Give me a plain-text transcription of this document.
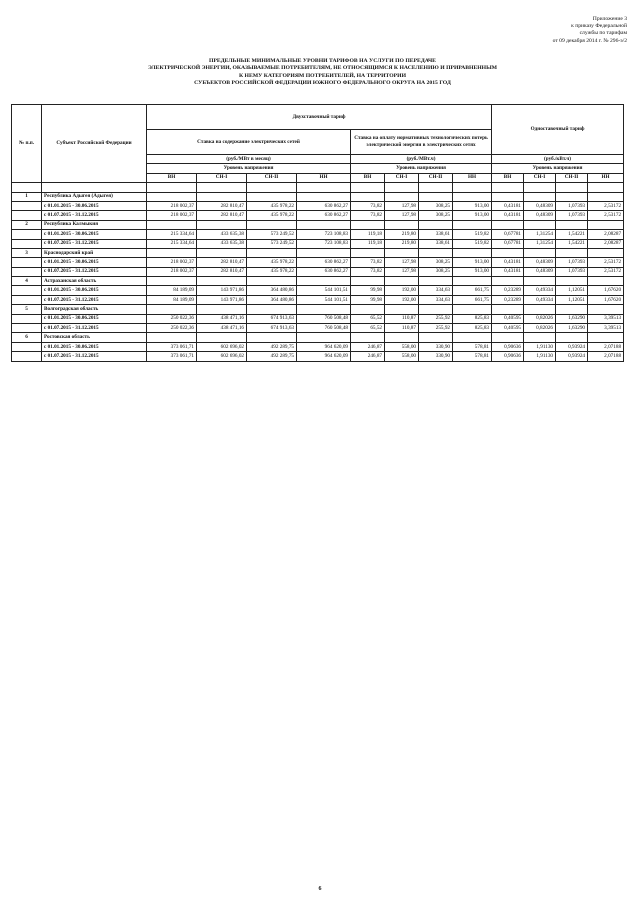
Приложение 3
к приказу Федеральной
службы по тарифам
от 09 декабря 2014 г. № 296-э/2
ПРЕДЕЛЬНЫЕ МИНИМАЛЬНЫЕ УРОВНИ ТАРИФОВ НА УСЛУГИ ПО ПЕРЕДАЧЕ
ЭЛЕКТРИЧЕСКОЙ ЭНЕРГИИ, ОКАЗЫВАЕМЫЕ ПОТРЕБИТЕЛЯМ, НЕ ОТНОСЯЩИМСЯ К НАСЕЛЕНИЮ И ПРИРАВНЕННЫМ
К НЕМУ КАТЕГОРИЯМ ПОТРЕБИТЕЛЕЙ, НА ТЕРРИТОРИИ
СУБЪЕКТОВ РОССИЙСКОЙ ФЕДЕРАЦИИ ЮЖНОГО ФЕДЕРАЛЬНОГО ОКРУГА НА 2015 ГОД
№ п.п.	Субъект Российской Федерации	Двухставочный тариф								Одноставочный тариф			
		Ставка на содержание электрических сетей				Ставка на оплату нормативных технологических потерь электрической энергии в электрических сетях							
		(руб./МВт в месяц)				(руб./МВт.ч)				(руб./кВт.ч)			
		Уровень напряжения				Уровень напряжения				Уровень напряжения			
		ВН	СН-I	СН-II	НН	ВН	СН-I	СН-II	НН	ВН	СН-I	СН-II	НН

1	Республика Адыгея (Адыгея)												
	с 01.01.2015 - 30.06.2015	218 002,37	282 810,47	435 978,22	630 862,27	73,82	127,98	308,25	913,00	0,43181	0,48309	1,07393	2,53172
	с 01.07.2015 - 31.12.2015	218 002,37	282 810,47	435 978,22	630 862,27	73,82	127,98	308,25	913,00	0,43181	0,48309	1,07393	2,53172
2	Республика Калмыкия												
	с 01.01.2015 - 30.06.2015	215 334,64	433 635,38	573 249,52	723 108,83	119,18	219,80	338,61	519,82	0,67781	1,31254	1,54221	2,08287
	с 01.07.2015 - 31.12.2015	215 334,64	433 635,38	573 249,52	723 108,83	119,18	219,80	338,61	519,82	0,67781	1,31254	1,54221	2,08287
3	Краснодарский край												
	с 01.01.2015 - 30.06.2015	218 002,37	282 810,47	435 978,22	630 862,27	73,82	127,98	308,25	913,00	0,43181	0,48309	1,07393	2,53172
	с 01.07.2015 - 31.12.2015	218 002,37	282 810,47	435 978,22	630 862,27	73,82	127,98	308,25	913,00	0,43181	0,48309	1,07393	2,53172
4	Астраханская область												
	с 01.01.2015 - 30.06.2015	84 189,09	143 971,86	364 480,86	544 101,51	99,98	192,00	334,63	661,75	0,23289	0,49334	1,12051	1,67620
	с 01.07.2015 - 31.12.2015	84 189,09	143 971,86	364 480,86	544 101,51	99,98	192,00	334,63	661,75	0,23289	0,49334	1,12051	1,67620
5	Волгоградская область												
	с 01.01.2015 - 30.06.2015	250 022,36	438 471,16	674 913,63	760 508,48	65,52	110,87	255,92	825,83	0,40595	0,82026	1,63290	3,39513
	с 01.07.2015 - 31.12.2015	250 022,36	438 471,16	674 913,63	760 508,48	65,52	110,87	255,92	825,83	0,40595	0,82026	1,63290	3,39513
6	Ростовская область												
	с 01.01.2015 - 30.06.2015	373 061,71	602 696,02	492 289,75	964 620,09	246,87	558,00	330,90	578,81	0,90636	1,91130	0,93924	2,07188
	с 01.07.2015 - 31.12.2015	373 061,71	602 696,02	492 289,75	964 620,09	246,87	558,00	330,90	578,81	0,90636	1,91130	0,93924	2,07188
6
